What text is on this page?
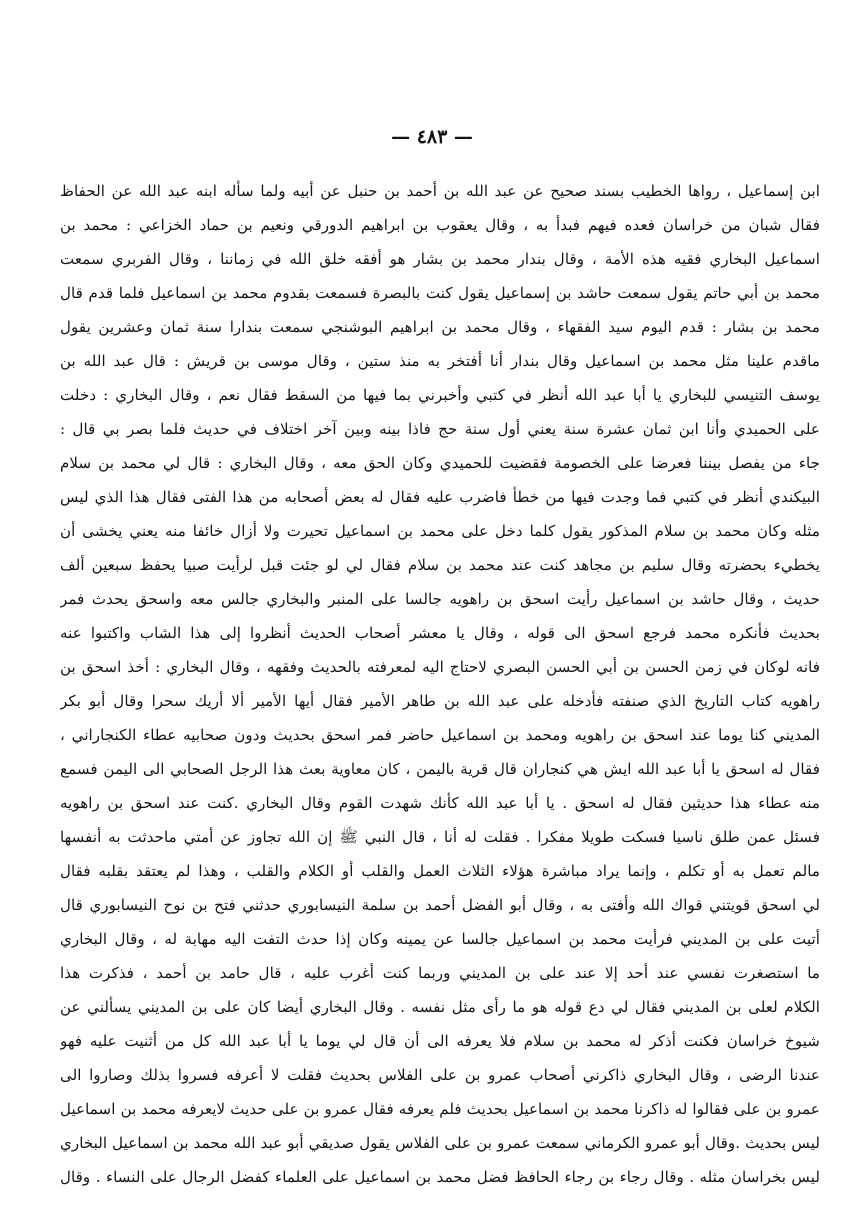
— ٤٨٣ —
ابن إسماعيل ، رواها الخطيب بسند صحيح عن عبد الله بن أحمد بن حنبل عن أبيه ولما سأله ابنه عبد الله عن الحفاظ
فقال شبان من خراسان فعده فيهم فبدأ به ، وقال يعقوب بن ابراهيم الدورقي ونعيم بن حماد الخزاعي : محمد بن
اسماعيل البخاري فقيه هذه الأمة ، وقال بندار محمد بن بشار هو أفقه خلق الله في زماننا ، وقال الفربري سمعت
محمد بن أبي حاتم يقول سمعت حاشد بن إسماعيل يقول كنت بالبصرة فسمعت بقدوم محمد بن اسماعيل فلما قدم قال
محمد بن بشار : قدم اليوم سيد الفقهاء ، وقال محمد بن ابراهيم البوشنجي سمعت بندارا سنة ثمان وعشرين يقول
ماقدم علينا مثل محمد بن اسماعيل وقال بندار أنا أفتخر به منذ ستين ، وقال موسى بن قريش : قال عبد الله بن
يوسف التنيسي للبخاري يا أبا عبد الله أنظر في كتبي وأخبرني بما فيها من السقط فقال نعم ، وقال البخاري : دخلت
على الحميدي وأنا ابن ثمان عشرة سنة يعني أول سنة حج فاذا بينه وبين آخر اختلاف في حديث فلما بصر بي قال :
جاء من يفصل بيننا فعرضا على الخصومة فقضيت للحميدي وكان الحق معه ، وقال البخاري : قال لي محمد بن سلام
البيكندي أنظر في كتبي فما وجدت فيها من خطأ فاضرب عليه فقال له بعض أصحابه من هذا الفتى فقال هذا الذي ليس
مثله وكان محمد بن سلام المذكور يقول كلما دخل على محمد بن اسماعيل تحيرت ولا أزال خائفا منه يعني يخشى أن
يخطيء بحضرته وقال سليم بن مجاهد كنت عند محمد بن سلام فقال لي لو جئت قبل لرأيت صبيا يحفظ سبعين ألف
حديث ، وقال حاشد بن اسماعيل رأيت اسحق بن راهويه جالسا على المنبر والبخاري جالس معه واسحق يحدث فمر
بحديث فأنكره محمد فرجع اسحق الى قوله ، وقال يا معشر أصحاب الحديث أنظروا إلى هذا الشاب واكتبوا عنه
فانه لوكان في زمن الحسن بن أبي الحسن البصري لاحتاج اليه لمعرفته بالحديث وفقهه ، وقال البخاري : أخذ اسحق بن
راهويه كتاب التاريخ الذي صنفته فأدخله على عبد الله بن طاهر الأمير فقال أيها الأمير ألا أريك سحرا وقال أبو بكر
المديني كنا يوما عند اسحق بن راهويه ومحمد بن اسماعيل حاضر فمر اسحق بحديث ودون صحابيه عطاء الكنجاراني ،
فقال له اسحق يا أبا عبد الله ايش هي كنجاران قال قرية باليمن ، كان معاوية بعث هذا الرجل الصحابي الى اليمن فسمع
منه عطاء هذا حديثين فقال له اسحق . يا أبا عبد الله كأنك شهدت القوم وقال البخاري .كنت عند اسحق بن راهويه
فسئل عمن طلق ناسيا فسكت طويلا مفكرا . فقلت له أنا ، قال النبي ﷺ إن الله تجاوز عن أمتي ماحدثت به أنفسها
مالم تعمل به أو تكلم ، وإنما يراد مباشرة هؤلاء الثلاث العمل والقلب أو الكلام والقلب ، وهذا لم يعتقد بقلبه فقال
لي اسحق قويتني قواك الله وأفتى به ، وقال أبو الفضل أحمد بن سلمة النيسابوري حدثني فتح بن نوح النيسابوري قال
أتيت على بن المديني فرأيت محمد بن اسماعيل جالسا عن يمينه وكان إذا حدث التفت اليه مهابة له ، وقال البخاري
ما استصغرت نفسي عند أحد إلا عند على بن المديني وربما كنت أغرب عليه ، قال حامد بن أحمد ، فذكرت هذا
الكلام لعلى بن المديني فقال لي دع قوله هو ما رأى مثل نفسه . وقال البخاري أيضا كان على بن المديني يسألني عن
شيوخ خراسان فكنت أذكر له محمد بن سلام فلا يعرفه الى أن قال لي يوما يا أبا عبد الله كل من أثنيت عليه فهو
عندنا الرضى ، وقال البخاري ذاكرني أصحاب عمرو بن على الفلاس بحديث فقلت لا أعرفه فسروا بذلك وصاروا الى
عمرو بن على فقالوا له ذاكرنا محمد بن اسماعيل بحديث فلم يعرفه فقال عمرو بن على حديث لايعرفه محمد بن اسماعيل
ليس بحديث .وقال أبو عمرو الكرماني سمعت عمرو بن على الفلاس يقول صديقي أبو عبد الله محمد بن اسماعيل البخاري
ليس بخراسان مثله . وقال رجاء بن رجاء الحافظ فضل محمد بن اسماعيل على العلماء كفضل الرجال على النساء . وقال
